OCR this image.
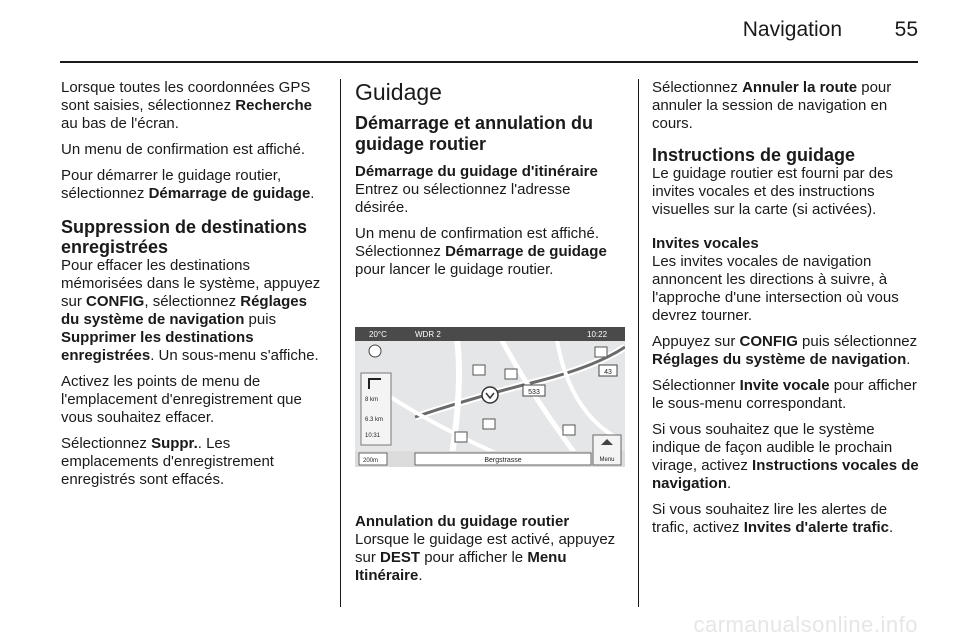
Navigation	55

Lorsque toutes les coordonnées GPS sont saisies, sélectionnez Recherche au bas de l'écran.

Un menu de confirmation est affiché.

Pour démarrer le guidage routier, sélectionnez Démarrage de guidage.

Suppression de destinations enregistrées

Pour effacer les destinations mémorisées dans le système, appuyez sur CONFIG, sélectionnez Réglages du système de navigation puis Supprimer les destinations enregistrées. Un sous-menu s'affiche.

Activez les points de menu de l'emplacement d'enregistrement que vous souhaitez effacer.

Sélectionnez Suppr.. Les emplacements d'enregistrement enregistrés sont effacés.

Guidage
Démarrage et annulation du guidage routier
Démarrage du guidage d'itinéraire

Entrez ou sélectionnez l'adresse désirée.

Un menu de confirmation est affiché. Sélectionnez Démarrage de guidage pour lancer le guidage routier.

533
43
20°C	WDR 2	10:22
8 km
6.3 km
10:31
200m	Bergstrasse	Menu
Annulation du guidage routier

Lorsque le guidage est activé, appuyez sur DEST pour afficher le Menu Itinéraire.

Sélectionnez Annuler la route pour annuler la session de navigation en cours.

Instructions de guidage

Le guidage routier est fourni par des invites vocales et des instructions visuelles sur la carte (si activées).

Invites vocales

Les invites vocales de navigation annoncent les directions à suivre, à l'approche d'une intersection où vous devrez tourner.

Appuyez sur CONFIG puis sélectionnez Réglages du système de navigation.

Sélectionner Invite vocale pour afficher le sous-menu correspondant.

Si vous souhaitez que le système indique de façon audible le prochain virage, activez Instructions vocales de navigation.

Si vous souhaitez lire les alertes de trafic, activez Invites d'alerte trafic.

carmanualsonline.info
